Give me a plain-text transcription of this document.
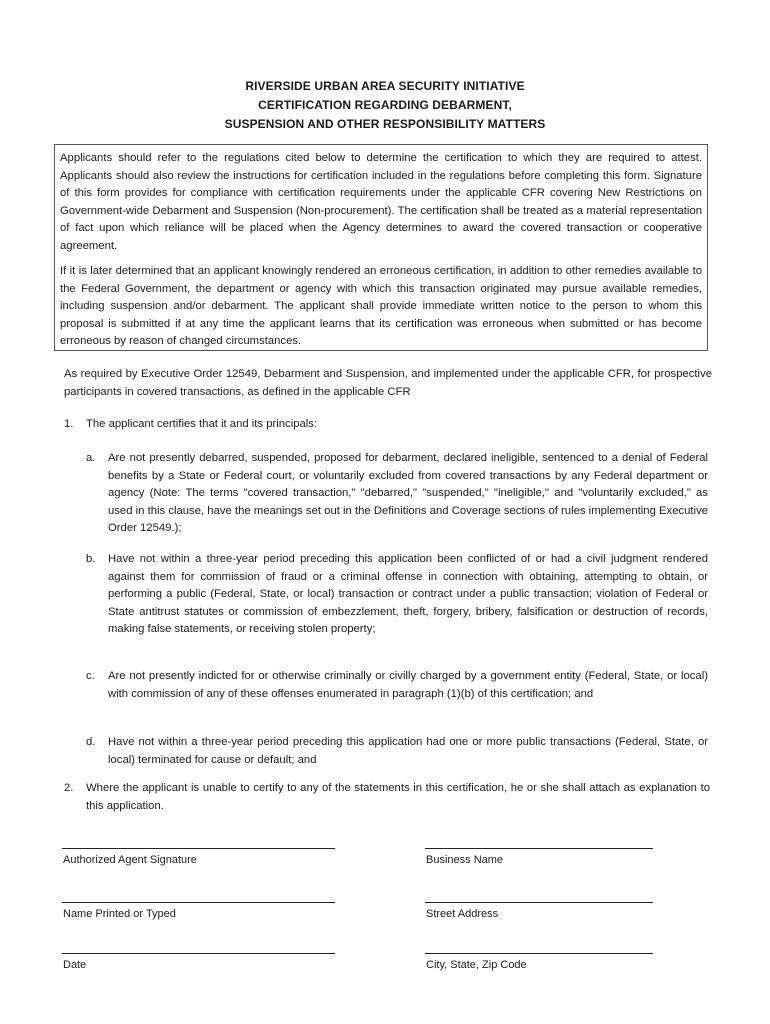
RIVERSIDE URBAN AREA SECURITY INITIATIVE
CERTIFICATION REGARDING DEBARMENT,
SUSPENSION AND OTHER RESPONSIBILITY MATTERS

Applicants should refer to the regulations cited below to determine the certification to which they are required to attest. Applicants should also review the instructions for certification included in the regulations before completing this form. Signature of this form provides for compliance with certification requirements under the applicable CFR covering New Restrictions on Government-wide Debarment and Suspension (Non-procurement). The certification shall be treated as a material representation of fact upon which reliance will be placed when the Agency determines to award the covered transaction or cooperative agreement.

If it is later determined that an applicant knowingly rendered an erroneous certification, in addition to other remedies available to the Federal Government, the department or agency with which this transaction originated may pursue available remedies, including suspension and/or debarment. The applicant shall provide immediate written notice to the person to whom this proposal is submitted if at any time the applicant learns that its certification was erroneous when submitted or has become erroneous by reason of changed circumstances.

As required by Executive Order 12549, Debarment and Suspension, and implemented under the applicable CFR, for prospective participants in covered transactions, as defined in the applicable CFR
1. The applicant certifies that it and its principals:
a. Are not presently debarred, suspended, proposed for debarment, declared ineligible, sentenced to a denial of Federal benefits by a State or Federal court, or voluntarily excluded from covered transactions by any Federal department or agency (Note: The terms "covered transaction," "debarred," "suspended," "ineligible," and "voluntarily excluded," as used in this clause, have the meanings set out in the Definitions and Coverage sections of rules implementing Executive Order 12549.);
b. Have not within a three-year period preceding this application been conflicted of or had a civil judgment rendered against them for commission of fraud or a criminal offense in connection with obtaining, attempting to obtain, or performing a public (Federal, State, or local) transaction or contract under a public transaction; violation of Federal or State antitrust statutes or commission of embezzlement, theft, forgery, bribery, falsification or destruction of records, making false statements, or receiving stolen property;
c. Are not presently indicted for or otherwise criminally or civilly charged by a government entity (Federal, State, or local) with commission of any of these offenses enumerated in paragraph (1)(b) of this certification; and
d. Have not within a three-year period preceding this application had one or more public transactions (Federal, State, or local) terminated for cause or default; and
2. Where the applicant is unable to certify to any of the statements in this certification, he or she shall attach as explanation to this application.
Authorized Agent Signature	Business Name
Name Printed or Typed	Street Address
Date	City, State, Zip Code
